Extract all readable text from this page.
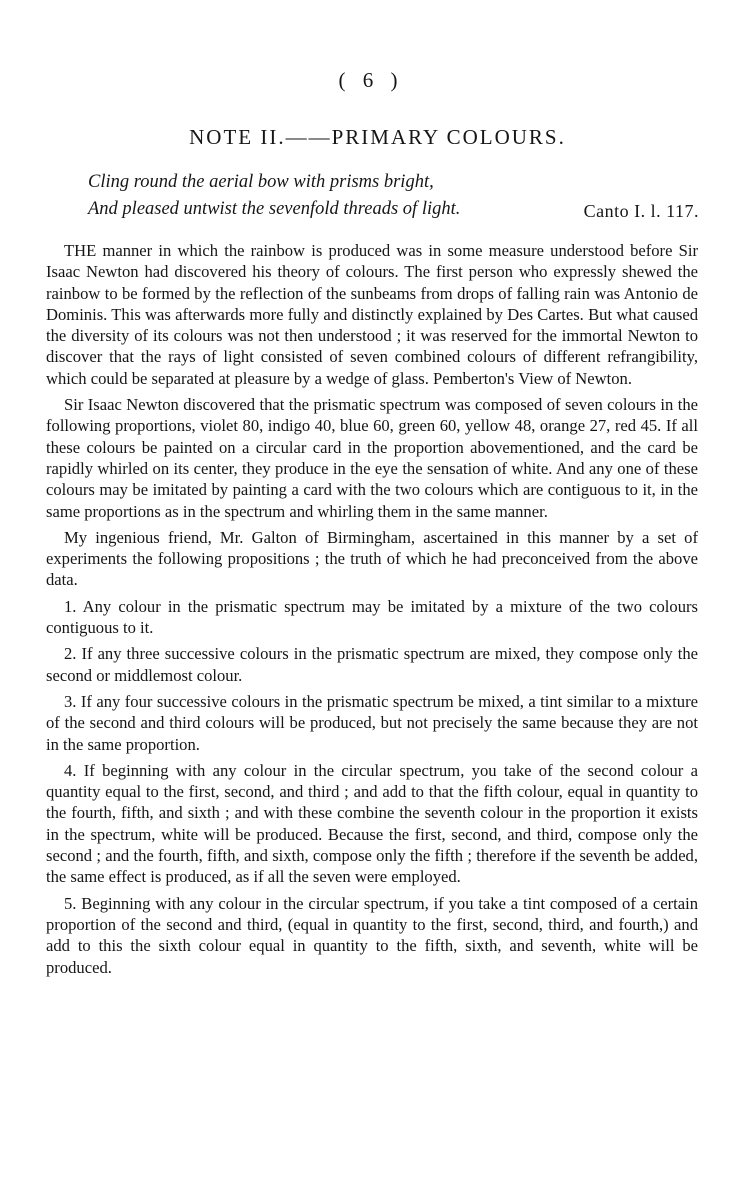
( 6 )
NOTE II.——PRIMARY COLOURS.
Cling round the aerial bow with prisms bright,
And pleased untwist the sevenfold threads of light.	Canto I. l. 117.

THE manner in which the rainbow is produced was in some measure understood before Sir Isaac Newton had discovered his theory of colours. The first person who expressly shewed the rainbow to be formed by the reflection of the sunbeams from drops of falling rain was Antonio de Dominis. This was afterwards more fully and distinctly explained by Des Cartes. But what caused the diversity of its colours was not then understood ; it was reserved for the immortal Newton to discover that the rays of light consisted of seven combined colours of different refrangibility, which could be separated at pleasure by a wedge of glass. Pemberton's View of Newton.

Sir Isaac Newton discovered that the prismatic spectrum was composed of seven colours in the following proportions, violet 80, indigo 40, blue 60, green 60, yellow 48, orange 27, red 45. If all these colours be painted on a circular card in the proportion abovementioned, and the card be rapidly whirled on its center, they produce in the eye the sensation of white. And any one of these colours may be imitated by painting a card with the two colours which are contiguous to it, in the same proportions as in the spectrum and whirling them in the same manner.

My ingenious friend, Mr. Galton of Birmingham, ascertained in this manner by a set of experiments the following propositions ; the truth of which he had preconceived from the above data.

1. Any colour in the prismatic spectrum may be imitated by a mixture of the two colours contiguous to it.

2. If any three successive colours in the prismatic spectrum are mixed, they compose only the second or middlemost colour.

3. If any four successive colours in the prismatic spectrum be mixed, a tint similar to a mixture of the second and third colours will be produced, but not precisely the same because they are not in the same proportion.

4. If beginning with any colour in the circular spectrum, you take of the second colour a quantity equal to the first, second, and third ; and add to that the fifth colour, equal in quantity to the fourth, fifth, and sixth ; and with these combine the seventh colour in the proportion it exists in the spectrum, white will be produced. Because the first, second, and third, compose only the second ; and the fourth, fifth, and sixth, compose only the fifth ; therefore if the seventh be added, the same effect is produced, as if all the seven were employed.

5. Beginning with any colour in the circular spectrum, if you take a tint composed of a certain proportion of the second and third, (equal in quantity to the first, second, third, and fourth,) and add to this the sixth colour equal in quantity to the fifth, sixth, and seventh, white will be produced.
